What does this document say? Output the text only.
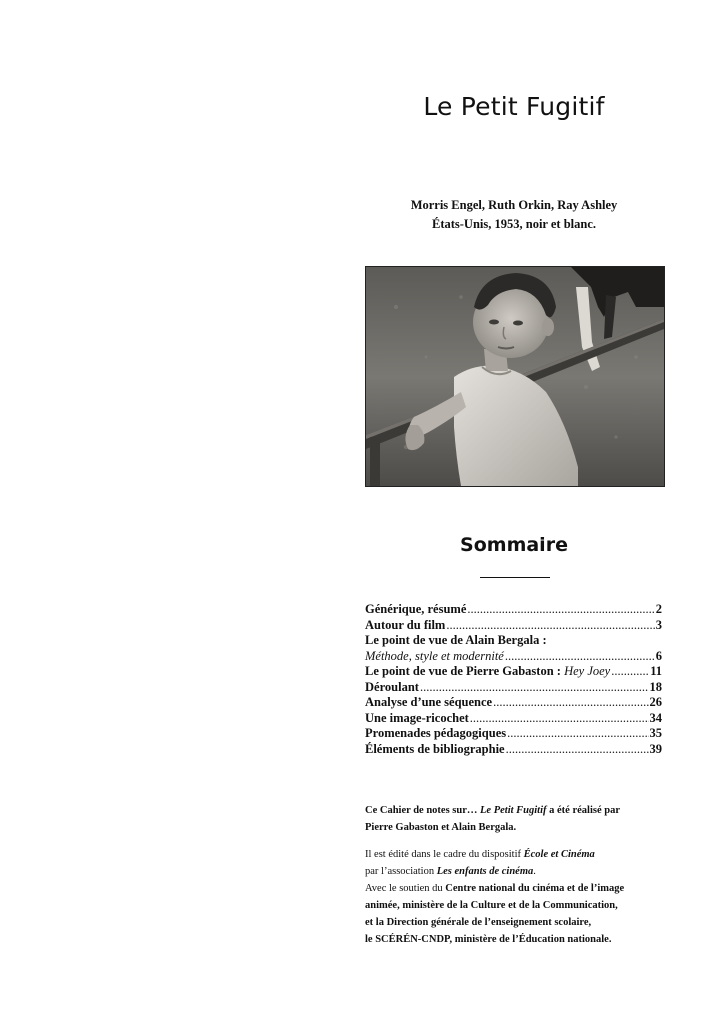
Le Petit Fugitif
Morris Engel, Ruth Orkin, Ray Ashley
États-Unis, 1953, noir et blanc.
Sommaire
Générique, résumé .....	2
Autour du film .....	3
Le point de vue de Alain Bergala :
Méthode, style et modernité .....	6
Le point de vue de Pierre Gabaston : Hey Joey .....	11
Déroulant .....	18
Analyse d’une séquence .....	26
Une image-ricochet .....	34
Promenades pédagogiques .....	35
Éléments de bibliographie .....	39

Ce Cahier de notes sur… Le Petit Fugitif a été réalisé par

Pierre Gabaston et Alain Bergala.

Il est édité dans le cadre du dispositif École et Cinéma

par l’association Les enfants de cinéma.

Avec le soutien du Centre national du cinéma et de l’image

animée, ministère de la Culture et de la Communication,

et la Direction générale de l’enseignement scolaire,

le SCÉRÉN-CNDP, ministère de l’Éducation nationale.
